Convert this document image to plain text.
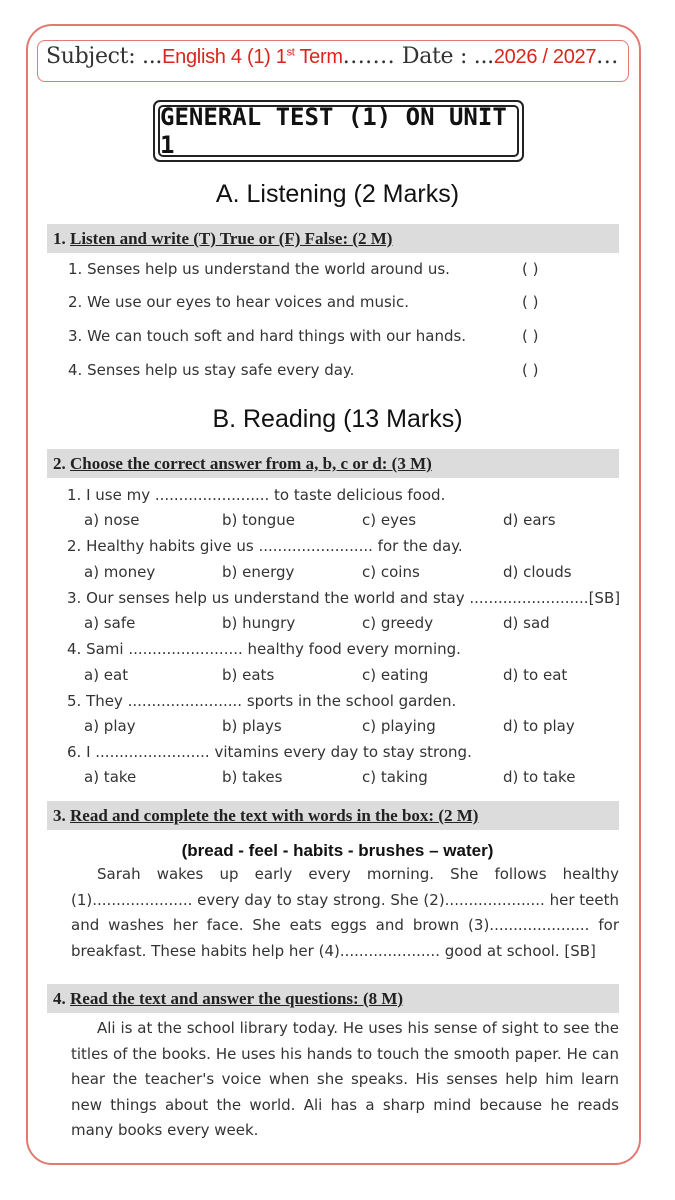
Subject: ...English 4 (1) 1st Term....... Date : ...2026 / 2027...
GENERAL TEST (1) ON UNIT 1
A. Listening (2 Marks)
1. Listen and write (T) True or (F) False: (2 M)
1. Senses help us understand the world around us.	( )
2. We use our eyes to hear voices and music.	( )
3. We can touch soft and hard things with our hands.	( )
4. Senses help us stay safe every day.	( )
B. Reading (13 Marks)
2. Choose the correct answer from a, b, c or d: (3 M)
1. I use my ........................ to taste delicious food.
a) nose	b) tongue	c) eyes	d) ears
2. Healthy habits give us ........................ for the day.
a) money	b) energy	c) coins	d) clouds
3. Our senses help us understand the world and stay .........................[SB]
a) safe	b) hungry	c) greedy	d) sad
4. Sami ........................ healthy food every morning.
a) eat	b) eats	c) eating	d) to eat
5. They ........................ sports in the school garden.
a) play	b) plays	c) playing	d) to play
6. I ........................ vitamins every day to stay strong.
a) take	b) takes	c) taking	d) to take
3. Read and complete the text with words in the box: (2 M)
(bread - feel - habits - brushes – water)
Sarah wakes up early every morning. She follows healthy (1)..................... every day to stay strong. She (2)..................... her teeth and washes her face. She eats eggs and brown (3)..................... for breakfast. These habits help her (4)..................... good at school. [SB]
4. Read the text and answer the questions: (8 M)
Ali is at the school library today. He uses his sense of sight to see the titles of the books. He uses his hands to touch the smooth paper. He can hear the teacher's voice when she speaks. His senses help him learn new things about the world. Ali has a sharp mind because he reads many books every week.
